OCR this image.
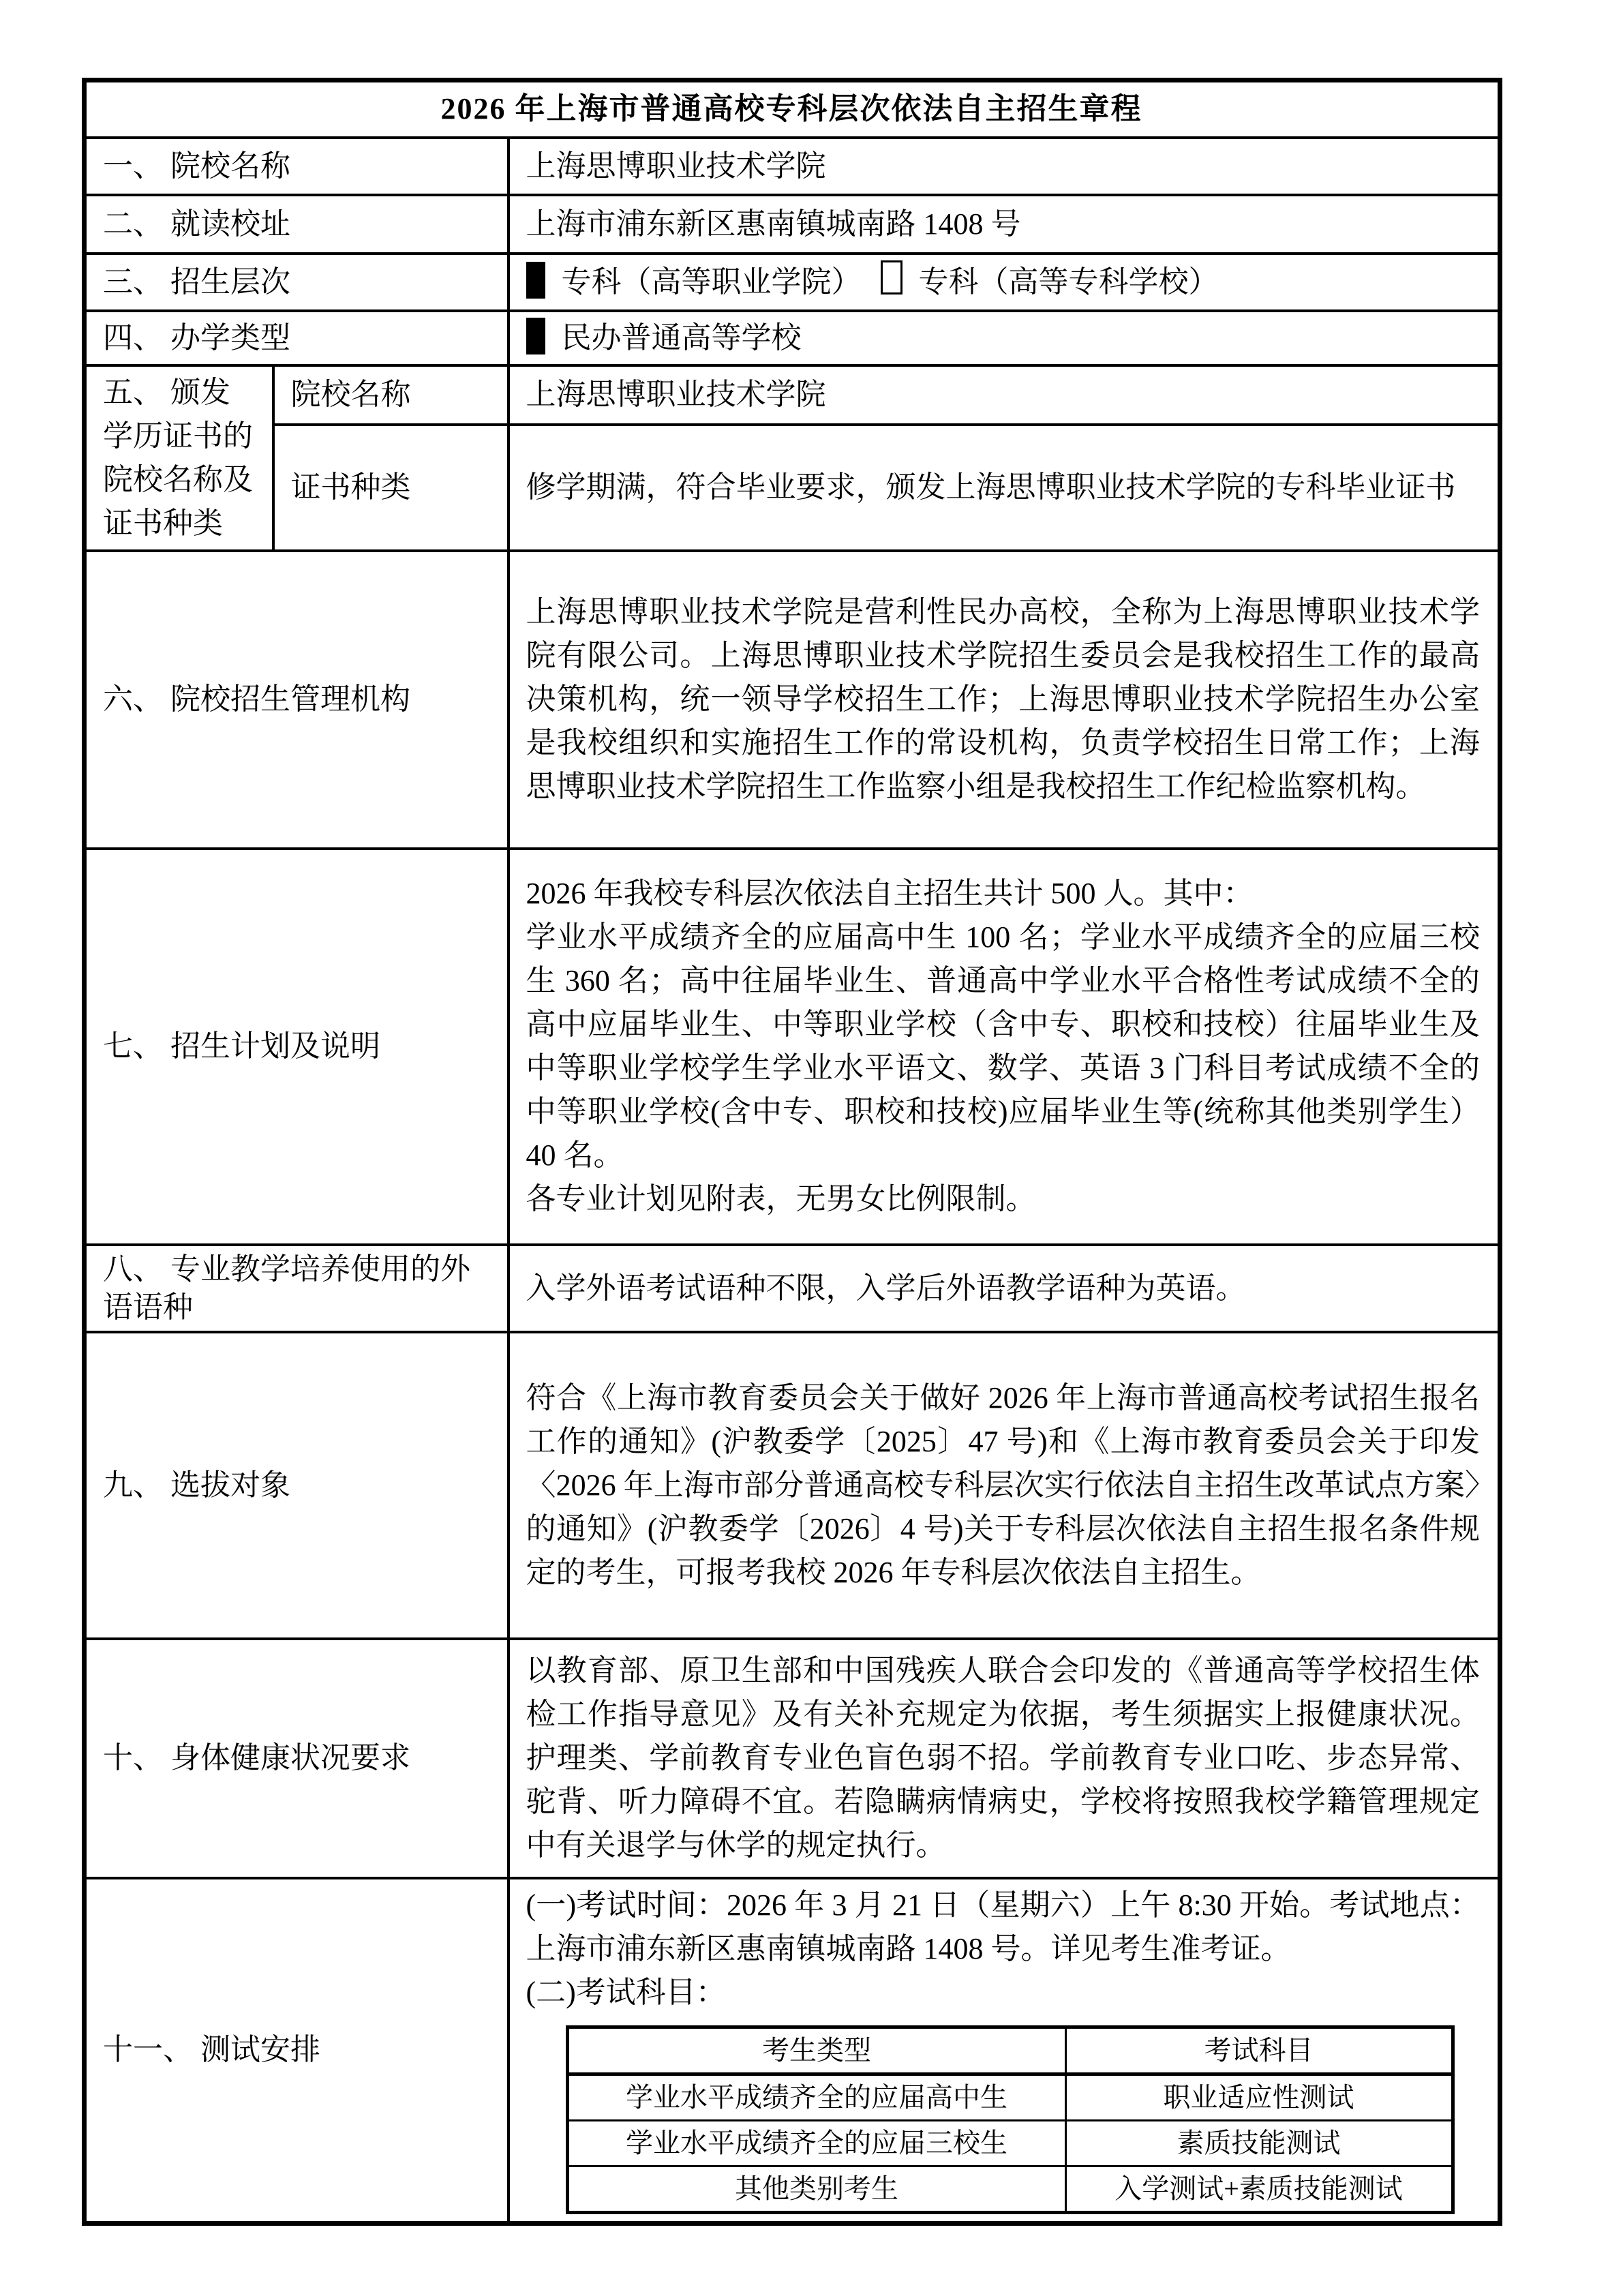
2026 年上海市普通高校专科层次依法自主招生章程
一、 院校名称	上海思博职业技术学院
二、 就读校址	上海市浦东新区惠南镇城南路 1408 号
三、 招生层次	专科（高等职业学院） 专科（高等专科学校）
四、 办学类型	民办普通高等学校
五、 颁发学历证书的院校名称及证书种类	院校名称	上海思博职业技术学院
证书种类	修学期满，符合毕业要求，颁发上海思博职业技术学院的专科毕业证书
六、 院校招生管理机构	上海思博职业技术学院是营利性民办高校，全称为上海思博职业技术学院有限公司。上海思博职业技术学院招生委员会是我校招生工作的最高决策机构，统一领导学校招生工作；上海思博职业技术学院招生办公室是我校组织和实施招生工作的常设机构，负责学校招生日常工作；上海思博职业技术学院招生工作监察小组是我校招生工作纪检监察机构。
七、 招生计划及说明	

2026 年我校专科层次依法自主招生共计 500 人。其中：

学业水平成绩齐全的应届高中生 100 名；学业水平成绩齐全的应届三校生 360 名；高中往届毕业生、普通高中学业水平合格性考试成绩不全的高中应届毕业生、中等职业学校（含中专、职校和技校）往届毕业生及中等职业学校学生学业水平语文、数学、英语 3 门科目考试成绩不全的中等职业学校(含中专、职校和技校)应届毕业生等(统称其他类别学生） 40 名。

各专业计划见附表，无男女比例限制。

八、 专业教学培养使用的外语语种	入学外语考试语种不限，入学后外语教学语种为英语。
九、 选拔对象	符合《上海市教育委员会关于做好 2026 年上海市普通高校考试招生报名工作的通知》(沪教委学〔2025〕47 号)和《上海市教育委员会关于印发〈2026 年上海市部分普通高校专科层次实行依法自主招生改革试点方案〉的通知》(沪教委学〔2026〕4 号)关于专科层次依法自主招生报名条件规定的考生，可报考我校 2026 年专科层次依法自主招生。
十、 身体健康状况要求	以教育部、原卫生部和中国残疾人联合会印发的《普通高等学校招生体检工作指导意见》及有关补充规定为依据，考生须据实上报健康状况。护理类、学前教育专业色盲色弱不招。学前教育专业口吃、步态异常、驼背、听力障碍不宜。若隐瞒病情病史，学校将按照我校学籍管理规定中有关退学与休学的规定执行。
十一、 测试安排	

(一)考试时间：2026 年 3 月 21 日（星期六）上午 8:30 开始。考试地点：上海市浦东新区惠南镇城南路 1408 号。详见考生准考证。

(二)考试科目：

考生类型	考试科目
学业水平成绩齐全的应届高中生	职业适应性测试
学业水平成绩齐全的应届三校生	素质技能测试
其他类别考生	入学测试+素质技能测试
